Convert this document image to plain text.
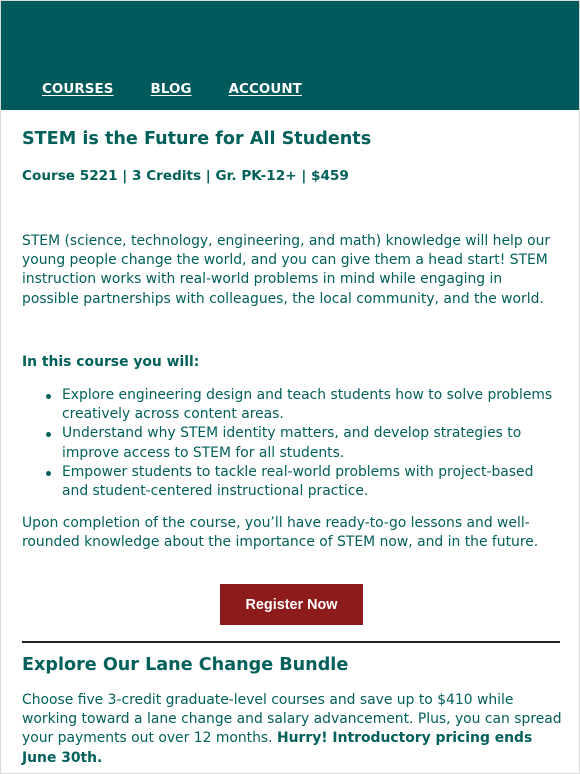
COURSES	BLOG	ACCOUNT
STEM is the Future for All Students
Course 5221 | 3 Credits | Gr. PK-12+ | $459

STEM (science, technology, engineering, and math) knowledge will help our young people change the world, and you can give them a head start! STEM instruction works with real-world problems in mind while engaging in possible partnerships with colleagues, the local community, and the world.

In this course you will:
Explore engineering design and teach students how to solve problems creatively across content areas.
Understand why STEM identity matters, and develop strategies to improve access to STEM for all students.
Empower students to tackle real-world problems with project-based and student-centered instructional practice.

Upon completion of the course, you’ll have ready-to-go lessons and well-rounded knowledge about the importance of STEM now, and in the future.

Register Now
Explore Our Lane Change Bundle

Choose five 3-credit graduate-level courses and save up to $410 while working toward a lane change and salary advancement. Plus, you can spread your payments out over 12 months. Hurry! Introductory pricing ends June 30th.
